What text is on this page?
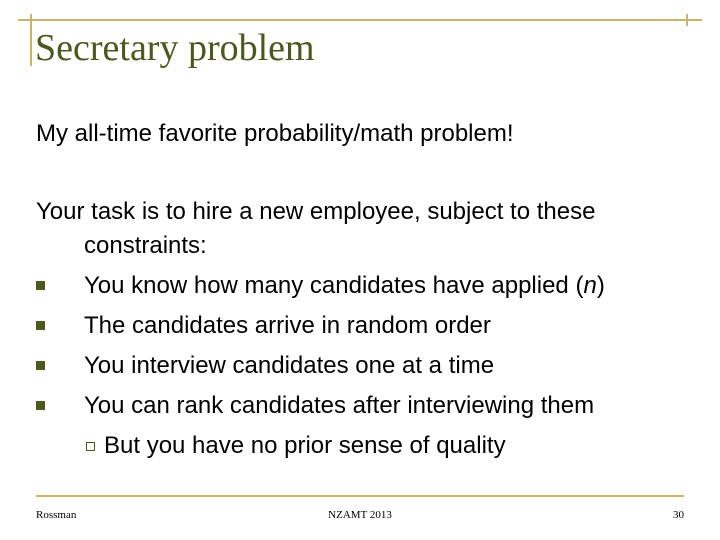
Secretary problem
My all-time favorite probability/math problem!
Your task is to hire a new employee, subject to these
constraints:
You know how many candidates have applied (n)
The candidates arrive in random order
You interview candidates one at a time
You can rank candidates after interviewing them
But you have no prior sense of quality
Rossman	NZAMT 2013	30
